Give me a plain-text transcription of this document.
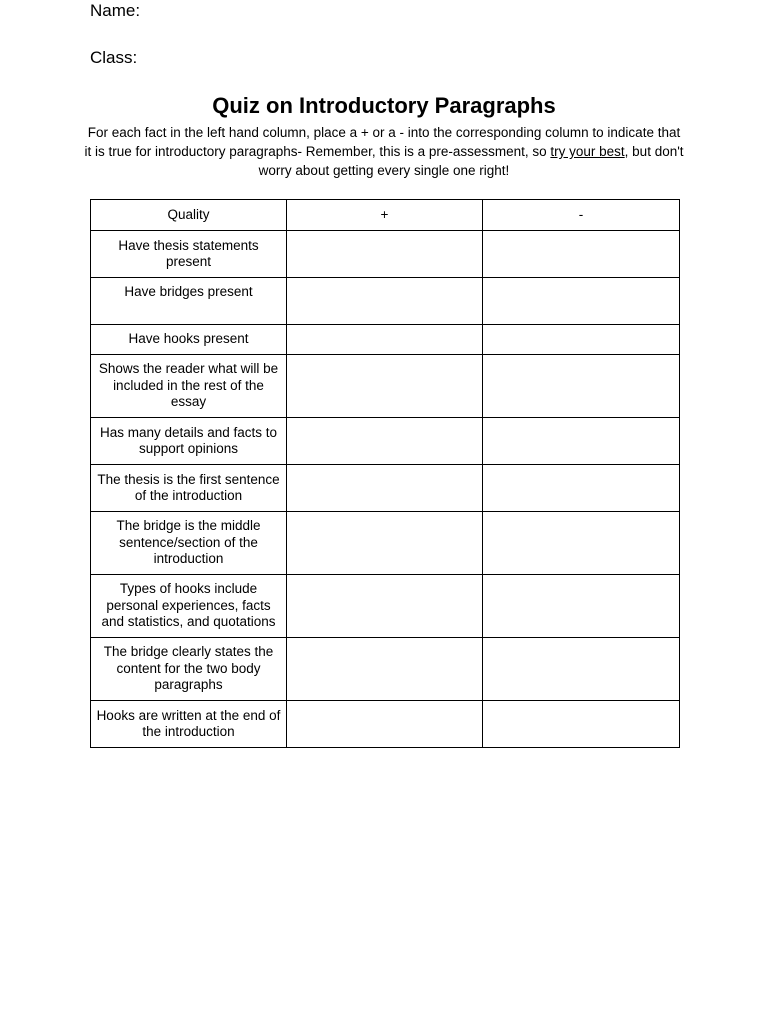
Name:
Class:
Quiz on Introductory Paragraphs
For each fact in the left hand column, place a + or a - into the corresponding column to indicate that it is true for introductory paragraphs- Remember, this is a pre-assessment, so try your best, but don't worry about getting every single one right!
Quality	+	-
Have thesis statements present		
Have bridges present		
Have hooks present		
Shows the reader what will be included in the rest of the essay		
Has many details and facts to support opinions		
The thesis is the first sentence of the introduction		
The bridge is the middle sentence/section of the introduction		
Types of hooks include personal experiences, facts and statistics, and quotations		
The bridge clearly states the content for the two body paragraphs		
Hooks are written at the end of the introduction		
